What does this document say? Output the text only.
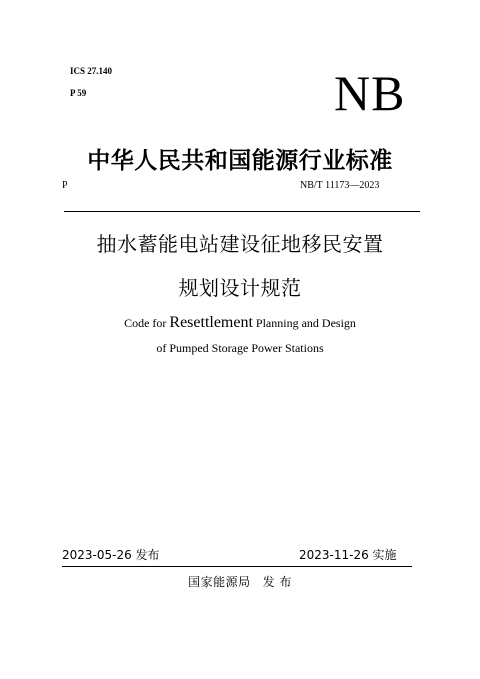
ICS 27.140
P 59	NB
中华人民共和国能源行业标准
P	NB/T 11173—2023
抽水蓄能电站建设征地移民安置
规划设计规范
Code for Resettlement Planning and Design
of Pumped Storage Power Stations
2023-05-26 发布	2023-11-26 实施
国家能源局 发 布
